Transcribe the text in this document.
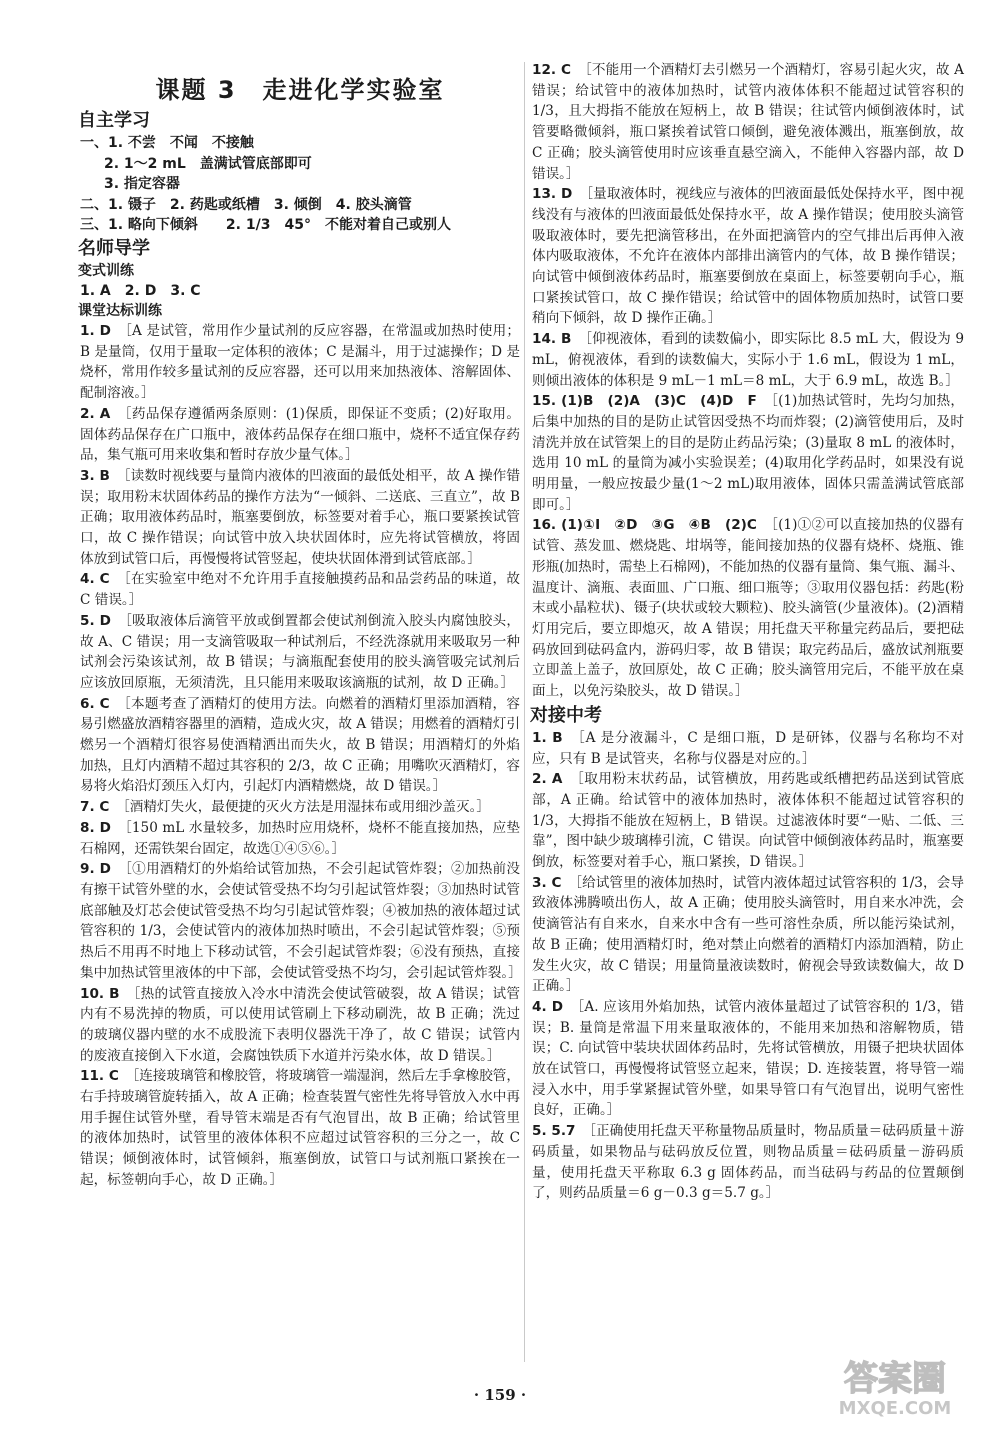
课题 3　走进化学实验室
自主学习
一、1. 不尝　不闻　不接触
2. 1～2 mL　盖满试管底部即可
3. 指定容器
二、1. 镊子　2. 药匙或纸槽　3. 倾倒　4. 胶头滴管
三、1. 略向下倾斜　　2. 1/3　45°　不能对着自己或别人
名师导学
变式训练
1. A　2. D　3. C
课堂达标训练
1. D　 ［A 是试管，常用作少量试剂的反应容器，在常温或加热时使用；B 是量筒，仅用于量取一定体积的液体；C 是漏斗，用于过滤操作；D 是烧杯，常用作较多量试剂的反应容器，还可以用来加热液体、溶解固体、配制溶液。］
2. A　 ［药品保存遵循两条原则：(1)保质，即保证不变质；(2)好取用。固体药品保存在广口瓶中，液体药品保存在细口瓶中，烧杯不适宜保存药品，集气瓶可用来收集和暂时存放少量气体。］
3. B　 ［读数时视线要与量筒内液体的凹液面的最低处相平，故 A 操作错误；取用粉末状固体药品的操作方法为“一倾斜、二送底、三直立”，故 B 正确；取用液体药品时，瓶塞要倒放，标签要对着手心，瓶口要紧挨试管口，故 C 操作错误；向试管中放入块状固体时，应先将试管横放，将固体放到试管口后，再慢慢将试管竖起，使块状固体滑到试管底部。］
4. C　 ［在实验室中绝对不允许用手直接触摸药品和品尝药品的味道，故 C 错误。］
5. D　 ［吸取液体后滴管平放或倒置都会使试剂倒流入胶头内腐蚀胶头，故 A、C 错误；用一支滴管吸取一种试剂后，不经洗涤就用来吸取另一种试剂会污染该试剂，故 B 错误；与滴瓶配套使用的胶头滴管吸完试剂后应该放回原瓶，无须清洗，且只能用来吸取该滴瓶的试剂，故 D 正确。］
6. C　 ［本题考查了酒精灯的使用方法。向燃着的酒精灯里添加酒精，容易引燃盛放酒精容器里的酒精，造成火灾，故 A 错误；用燃着的酒精灯引燃另一个酒精灯很容易使酒精洒出而失火，故 B 错误；用酒精灯的外焰加热，且灯内酒精不超过其容积的 2/3，故 C 正确；用嘴吹灭酒精灯，容易将火焰沿灯颈压入灯内，引起灯内酒精燃烧，故 D 错误。］
7. C　 ［酒精灯失火，最便捷的灭火方法是用湿抹布或用细沙盖灭。］
8. D　 ［150 mL 水量较多，加热时应用烧杯，烧杯不能直接加热，应垫石棉网，还需铁架台固定，故选①④⑤⑥。］
9. D　 ［①用酒精灯的外焰给试管加热，不会引起试管炸裂；②加热前没有擦干试管外壁的水，会使试管受热不均匀引起试管炸裂；③加热时试管底部触及灯芯会使试管受热不均匀引起试管炸裂；④被加热的液体超过试管容积的 1/3，会使试管内的液体加热时喷出，不会引起试管炸裂；⑤预热后不用再不时地上下移动试管，不会引起试管炸裂；⑥没有预热，直接集中加热试管里液体的中下部，会使试管受热不均匀，会引起试管炸裂。］
10. B　 ［热的试管直接放入冷水中清洗会使试管破裂，故 A 错误；试管内有不易洗掉的物质，可以使用试管刷上下移动刷洗，故 B 正确；洗过的玻璃仪器内壁的水不成股流下表明仪器洗干净了，故 C 错误；试管内的废液直接倒入下水道，会腐蚀铁质下水道并污染水体，故 D 错误。］
11. C　 ［连接玻璃管和橡胶管，将玻璃管一端湿润，然后左手拿橡胶管，右手持玻璃管旋转插入，故 A 正确；检查装置气密性先将导管放入水中再用手握住试管外壁，看导管末端是否有气泡冒出，故 B 正确；给试管里的液体加热时，试管里的液体体积不应超过试管容积的三分之一，故 C 错误；倾倒液体时，试管倾斜，瓶塞倒放，试管口与试剂瓶口紧挨在一起，标签朝向手心，故 D 正确。］
12. C　 ［不能用一个酒精灯去引燃另一个酒精灯，容易引起火灾，故 A 错误；给试管中的液体加热时，试管内液体体积不能超过试管容积的 1/3，且大拇指不能放在短柄上，故 B 错误；往试管内倾倒液体时，试管要略微倾斜，瓶口紧挨着试管口倾倒，避免液体溅出，瓶塞倒放，故 C 正确；胶头滴管使用时应该垂直悬空滴入，不能伸入容器内部，故 D 错误。］
13. D　 ［量取液体时，视线应与液体的凹液面最低处保持水平，图中视线没有与液体的凹液面最低处保持水平，故 A 操作错误；使用胶头滴管吸取液体时，要先把滴管移出，在外面把滴管内的空气排出后再伸入液体内吸取液体，不允许在液体内部排出滴管内的气体，故 B 操作错误；向试管中倾倒液体药品时，瓶塞要倒放在桌面上，标签要朝向手心，瓶口紧挨试管口，故 C 操作错误；给试管中的固体物质加热时，试管口要稍向下倾斜，故 D 操作正确。］
14. B　 ［仰视液体，看到的读数偏小，即实际比 8.5 mL 大，假设为 9 mL，俯视液体，看到的读数偏大，实际小于 1.6 mL，假设为 1 mL，则倾出液体的体积是 9 mL－1 mL＝8 mL，大于 6.9 mL，故选 B。］
15. (1)B　(2)A　(3)C　(4)D　F　 ［(1)加热试管时，先均匀加热，后集中加热的目的是防止试管因受热不均而炸裂；(2)滴管使用后，及时清洗并放在试管架上的目的是防止药品污染；(3)量取 8 mL 的液体时，选用 10 mL 的量筒为减小实验误差；(4)取用化学药品时，如果没有说明用量，一般应按最少量(1～2 mL)取用液体，固体只需盖满试管底部即可。］
16. (1)①I　②D　③G　④B　(2)C　 ［(1)①②可以直接加热的仪器有试管、蒸发皿、燃烧匙、坩埚等，能间接加热的仪器有烧杯、烧瓶、锥形瓶(加热时，需垫上石棉网)，不能加热的仪器有量筒、集气瓶、漏斗、温度计、滴瓶、表面皿、广口瓶、细口瓶等；③取用仪器包括：药匙(粉末或小晶粒状)、镊子(块状或较大颗粒)、胶头滴管(少量液体)。(2)酒精灯用完后，要立即熄灭，故 A 错误；用托盘天平称量完药品后，要把砝码放回到砝码盒内，游码归零，故 B 错误；取完药品后，盛放试剂瓶要立即盖上盖子，放回原处，故 C 正确；胶头滴管用完后，不能平放在桌面上，以免污染胶头，故 D 错误。］
对接中考
1. B　 ［A 是分液漏斗，C 是细口瓶，D 是研钵，仪器与名称均不对应，只有 B 是试管夹，名称与仪器是对应的。］
2. A　 ［取用粉末状药品，试管横放，用药匙或纸槽把药品送到试管底部，A 正确。给试管中的液体加热时，液体体积不能超过试管容积的 1/3，大拇指不能放在短柄上，B 错误。过滤液体时要“一贴、二低、三靠”，图中缺少玻璃棒引流，C 错误。向试管中倾倒液体药品时，瓶塞要倒放，标签要对着手心，瓶口紧挨，D 错误。］
3. C　 ［给试管里的液体加热时，试管内液体超过试管容积的 1/3，会导致液体沸腾喷出伤人，故 A 正确；使用胶头滴管时，用自来水冲洗，会使滴管沾有自来水，自来水中含有一些可溶性杂质，所以能污染试剂，故 B 正确；使用酒精灯时，绝对禁止向燃着的酒精灯内添加酒精，防止发生火灾，故 C 错误；用量筒量液读数时，俯视会导致读数偏大，故 D 正确。］
4. D　 ［A. 应该用外焰加热，试管内液体量超过了试管容积的 1/3，错误；B. 量筒是常温下用来量取液体的，不能用来加热和溶解物质，错误；C. 向试管中装块状固体药品时，先将试管横放，用镊子把块状固体放在试管口，再慢慢将试管竖立起来，错误；D. 连接装置，将导管一端浸入水中，用手掌紧握试管外壁，如果导管口有气泡冒出，说明气密性良好，正确。］
5. 5.7　 ［正确使用托盘天平称量物品质量时，物品质量＝砝码质量＋游码质量，如果物品与砝码放反位置，则物品质量＝砝码质量－游码质量，使用托盘天平称取 6.3 g 固体药品，而当砝码与药品的位置颠倒了，则药品质量＝6 g－0.3 g＝5.7 g。］
· 159 ·	答案圈
MXQE.COM
